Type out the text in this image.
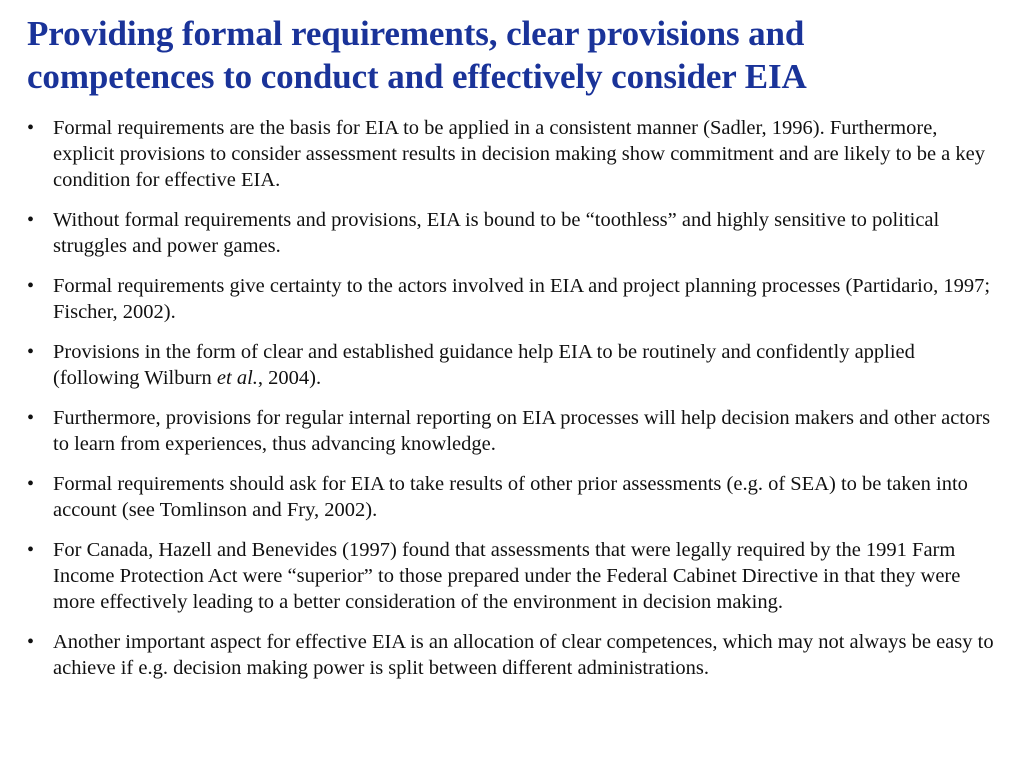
Providing formal requirements, clear provisions and competences to conduct and effectively consider EIA
• Formal requirements are the basis for EIA to be applied in a consistent manner (Sadler, 1996). Furthermore, explicit provisions to consider assessment results in decision making show commitment and are likely to be a key condition for effective EIA.
• Without formal requirements and provisions, EIA is bound to be “toothless” and highly sensitive to political struggles and power games.
• Formal requirements give certainty to the actors involved in EIA and project planning processes (Partidario, 1997; Fischer, 2002).
• Provisions in the form of clear and established guidance help EIA to be routinely and confidently applied (following Wilburn et al., 2004).
• Furthermore, provisions for regular internal reporting on EIA processes will help decision makers and other actors to learn from experiences, thus advancing knowledge.
• Formal requirements should ask for EIA to take results of other prior assessments (e.g. of SEA) to be taken into account (see Tomlinson and Fry, 2002).
• For Canada, Hazell and Benevides (1997) found that assessments that were legally required by the 1991 Farm Income Protection Act were “superior” to those prepared under the Federal Cabinet Directive in that they were more effectively leading to a better consideration of the environment in decision making.
• Another important aspect for effective EIA is an allocation of clear competences, which may not always be easy to achieve if e.g. decision making power is split between different administrations.
